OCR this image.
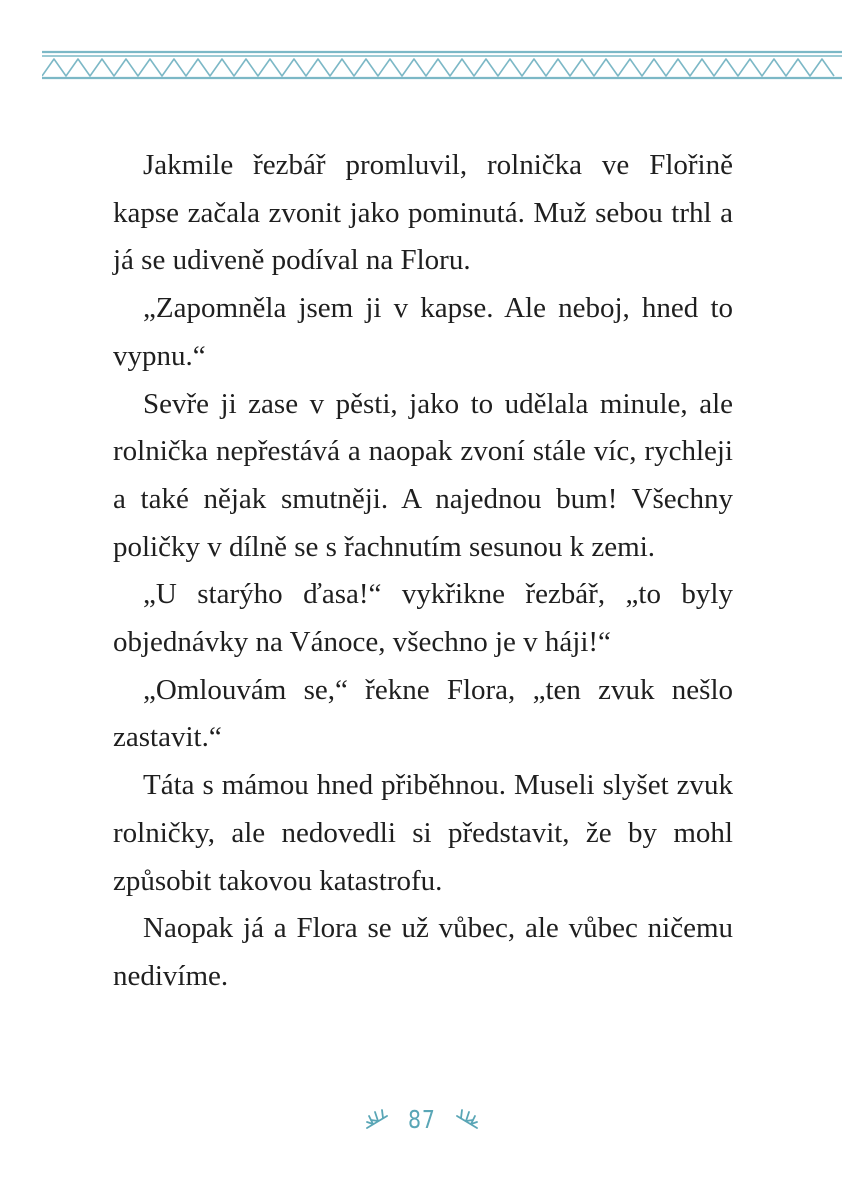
Jakmile řezbář promluvil, rolnička ve Flořině kapse začala zvonit jako pominutá. Muž sebou trhl a já se udiveně podíval na Floru.

„Zapomněla jsem ji v kapse. Ale neboj, hned to vypnu.“

Sevře ji zase v pěsti, jako to udělala minule, ale rolnička nepřestává a naopak zvoní stále víc, rychleji a také nějak smutněji. A najednou bum! Všechny poličky v dílně se s řachnutím sesunou k zemi.

„U starýho ďasa!“ vykřikne řezbář, „to byly objednávky na Vánoce, všechno je v háji!“

„Omlouvám se,“ řekne Flora, „ten zvuk nešlo zastavit.“

Táta s mámou hned přiběhnou. Museli slyšet zvuk rolničky, ale nedovedli si představit, že by mohl způsobit takovou katastrofu.

Naopak já a Flora se už vůbec, ale vůbec ničemu nedivíme.

87
